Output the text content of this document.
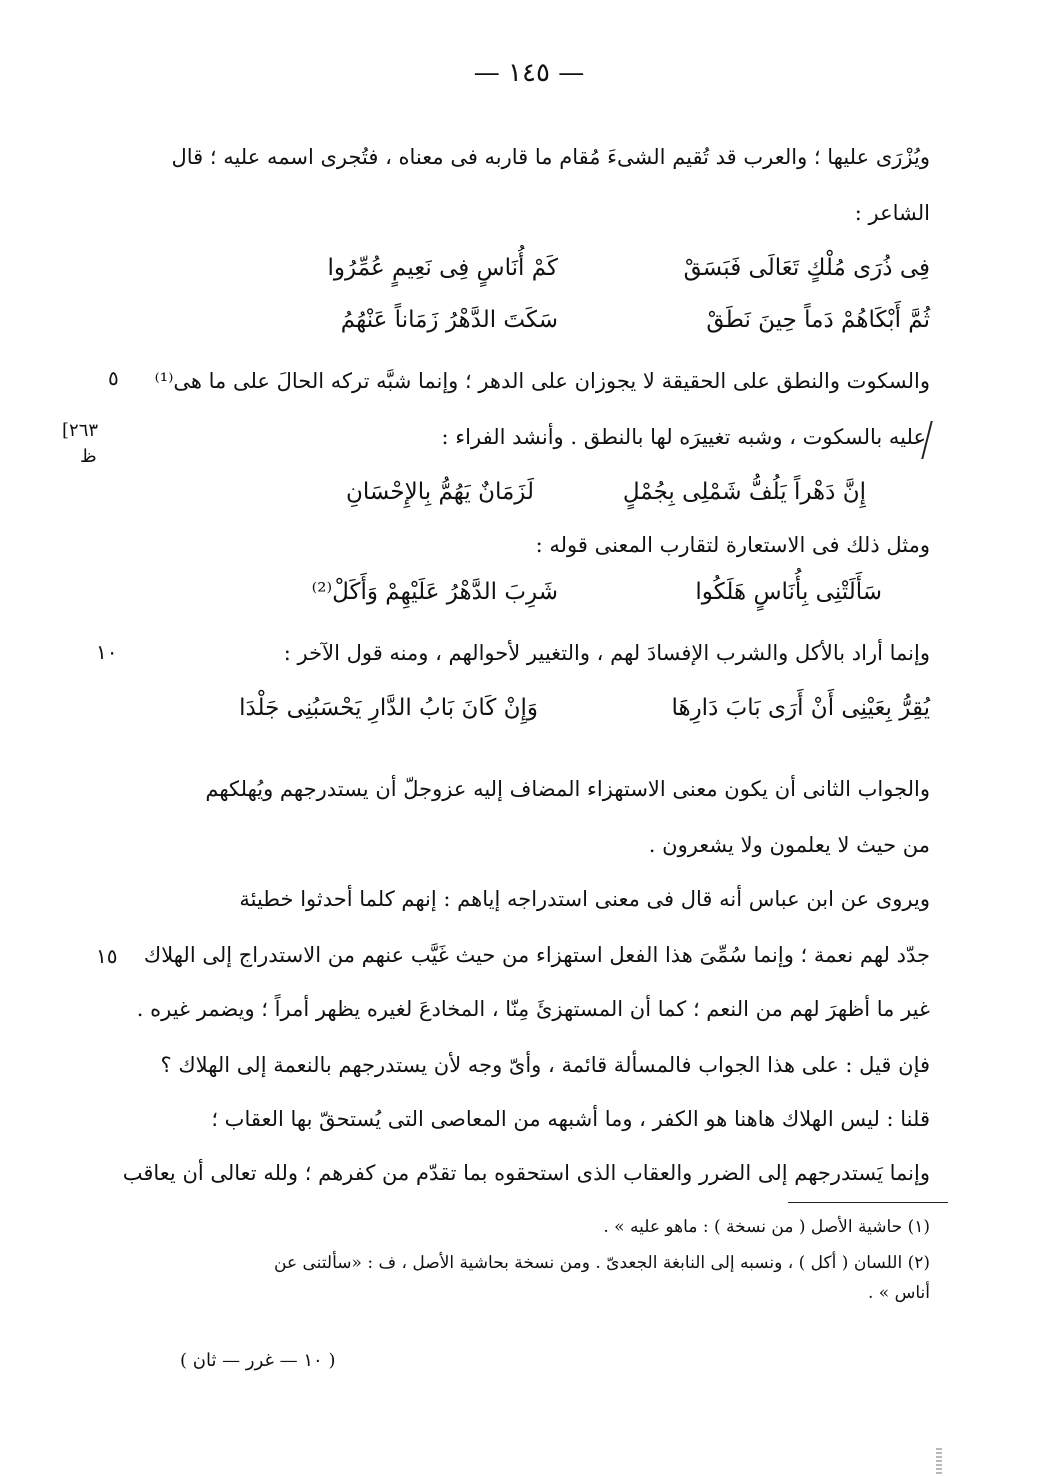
— ١٤٥ —
ويُزْرَى عليها ؛ والعرب قد تُقيم الشىءَ مُقام ما قاربه فى معناه ، فتُجرى اسمه عليه ؛ قال
الشاعر :
فِى ذُرَى مُلْكٍ تَعَالَى فَبَسَقْ
كَمْ أُنَاسٍ فِى نَعِيمٍ عُمِّرُوا
ثُمَّ أَبْكَاهُمْ دَماً حِينَ نَطَقْ
سَكَتَ الدَّهْرُ زَمَاناً عَنْهُمُ
والسكوت والنطق على الحقيقة لا يجوزان على الدهر ؛ وإنما شبَّه تركه الحالَ على ما هى⁽¹⁾
٥
عليه بالسكوت ، وشبه تغييرَه لها بالنطق . وأنشد الفراء :
[٢٦٣
ظ
إِنَّ دَهْراً يَلُفُّ شَمْلِى بِجُمْلٍ
لَزَمَانٌ يَهُمُّ بِالإِحْسَانِ
ومثل ذلك فى الاستعارة لتقارب المعنى قوله :
سَأَلَتْنِى بِأُنَاسٍ هَلَكُوا
شَرِبَ الدَّهْرُ عَلَيْهِمْ وَأَكَلْ⁽²⁾
وإنما أراد بالأكل والشرب الإفسادَ لهم ، والتغيير لأحوالهم ، ومنه قول الآخر :
١٠
يُقِرُّ بِعَيْنِى أَنْ أَرَى بَابَ دَارِهَا
وَإِنْ كَانَ بَابُ الدَّارِ يَحْسَبُنِى جَلْدَا
والجواب الثانى أن يكون معنى الاستهزاء المضاف إليه عزوجلّ أن يستدرجهم ويُهلكهم
من حيث لا يعلمون ولا يشعرون .
ويروى عن ابن عباس أنه قال فى معنى استدراجه إياهم : إنهم كلما أحدثوا خطيئة
جدّد لهم نعمة ؛ وإنما سُمِّىَ هذا الفعل استهزاء من حيث غَيَّب عنهم من الاستدراج إلى الهلاك
١٥
غير ما أظهرَ لهم من النعم ؛ كما أن المستهزئَ مِنّا ، المخادعَ لغيره يظهر أمراً ؛ ويضمر غيره .
فإن قيل : على هذا الجواب فالمسألة قائمة ، وأىّ وجه لأن يستدرجهم بالنعمة إلى الهلاك ؟
قلنا : ليس الهلاك هاهنا هو الكفر ، وما أشبهه من المعاصى التى يُستحقّ بها العقاب ؛
وإنما يَستدرجهم إلى الضرر والعقاب الذى استحقوه بما تقدّم من كفرهم ؛ ولله تعالى أن يعاقب
(١) حاشية الأصل ( من نسخة ) : ماهو عليه » .
(٢) اللسان ( أكل ) ، ونسبه إلى النابغة الجعدىّ . ومن نسخة بحاشية الأصل ، ف : «سألتنى عن
أناس » .
( ١٠ — غرر — ثان )
